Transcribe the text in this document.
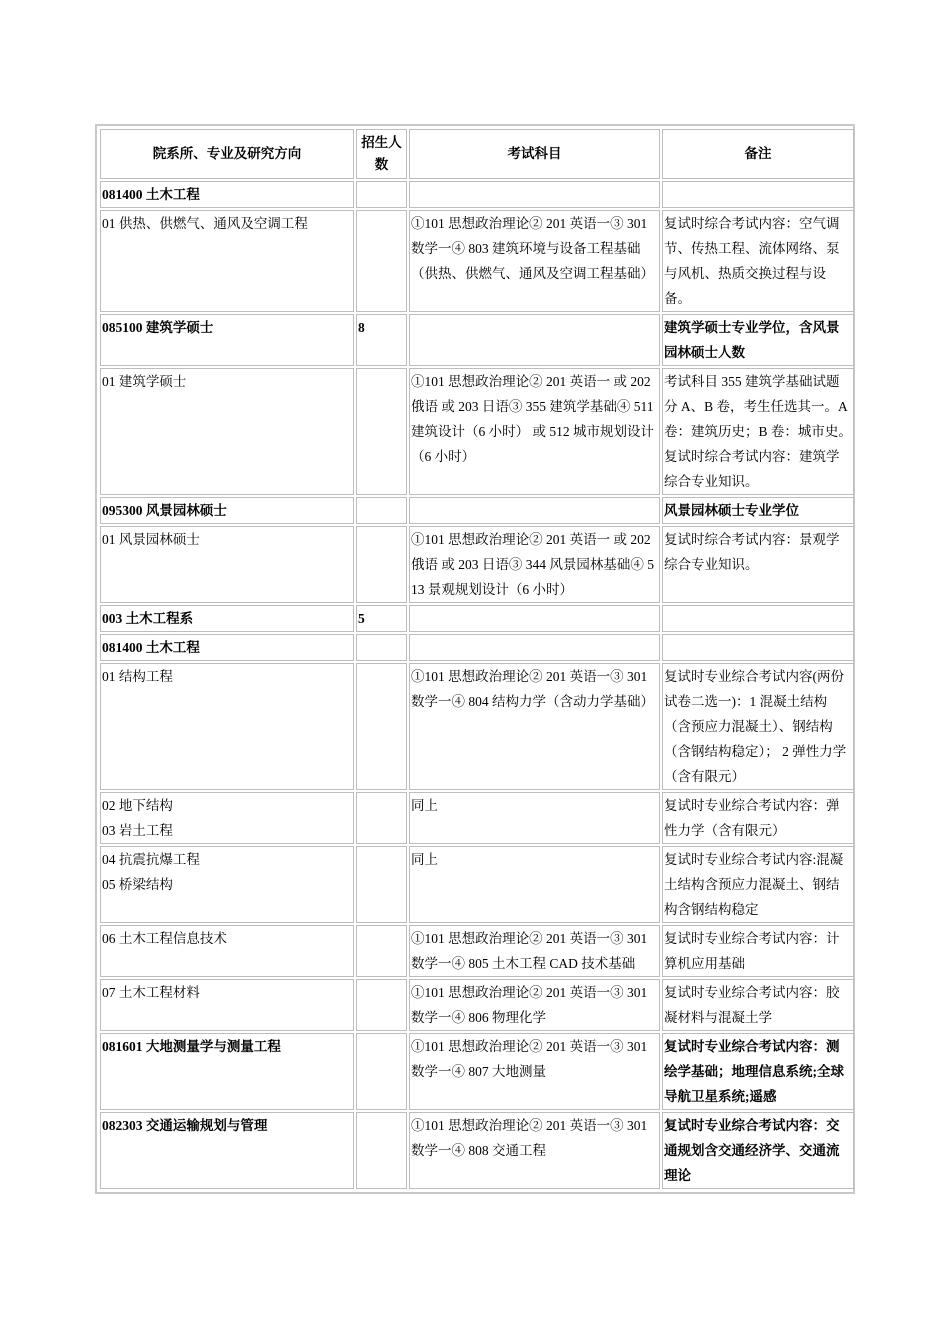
院系所、专业及研究方向	招生人数	考试科目	备注

081400 土木工程			

01 供热、供燃气、通风及空调工程		①101 思想政治理论② 201 英语一③ 301 数学一④ 803 建筑环境与设备工程基础（供热、供燃气、通风及空调工程基础）	复试时综合考试内容：空气调节、传热工程、流体网络、泵与风机、热质交换过程与设备。

085100 建筑学硕士	8		建筑学硕士专业学位，含风景园林硕士人数

01 建筑学硕士		①101 思想政治理论② 201 英语一 或 202 俄语 或 203 日语③ 355 建筑学基础④ 511 建筑设计（6 小时） 或 512 城市规划设计（6 小时）	考试科目 355 建筑学基础试题分 A、B 卷，考生任选其一。A 卷：建筑历史；B 卷：城市史。复试时综合考试内容：建筑学综合专业知识。

095300 风景园林硕士			风景园林硕士专业学位

01 风景园林硕士		①101 思想政治理论② 201 英语一 或 202 俄语 或 203 日语③ 344 风景园林基础④ 513 景观规划设计（6 小时）	复试时综合考试内容：景观学综合专业知识。

003 土木工程系	5		

081400 土木工程			

01 结构工程		①101 思想政治理论② 201 英语一③ 301 数学一④ 804 结构力学（含动力学基础）	复试时专业综合考试内容(两份试卷二选一)：1 混凝土结构（含预应力混凝土）、钢结构（含钢结构稳定）； 2 弹性力学（含有限元）

02 地下结构
03 岩土工程		同上	复试时专业综合考试内容：弹性力学（含有限元）

04 抗震抗爆工程
05 桥梁结构		同上	复试时专业综合考试内容:混凝土结构含预应力混凝土、钢结构含钢结构稳定

06 土木工程信息技术		①101 思想政治理论② 201 英语一③ 301 数学一④ 805 土木工程 CAD 技术基础	复试时专业综合考试内容：计算机应用基础

07 土木工程材料		①101 思想政治理论② 201 英语一③ 301 数学一④ 806 物理化学	复试时专业综合考试内容：胶凝材料与混凝土学

081601 大地测量学与测量工程		①101 思想政治理论② 201 英语一③ 301 数学一④ 807 大地测量	复试时专业综合考试内容：测绘学基础；地理信息系统;全球导航卫星系统;遥感

082303 交通运输规划与管理		①101 思想政治理论② 201 英语一③ 301 数学一④ 808 交通工程	复试时专业综合考试内容：交通规划含交通经济学、交通流理论
